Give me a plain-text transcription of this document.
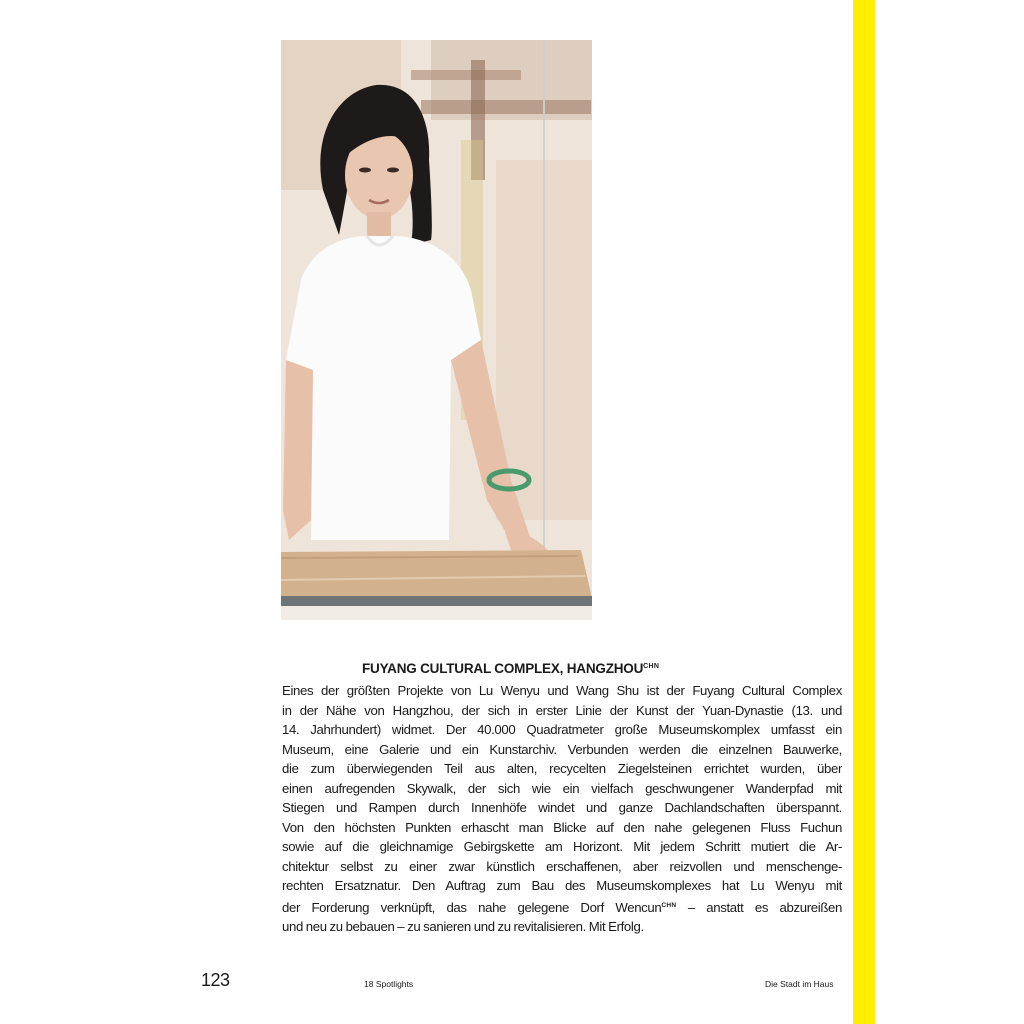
FUYANG CULTURAL COMPLEX, $HANGZHOU^{CHN}$
Eines der größten Projekte von Lu Wenyu und Wang Shu ist der Fuyang Cultural Complex
in der Nähe von Hangzhou, der sich in erster Linie der Kunst der Yuan-Dynastie (13. und
14. Jahrhundert) widmet. Der 40.000 Quadratmeter große Museumskomplex umfasst ein
Museum, eine Galerie und ein Kunstarchiv. Verbunden werden die einzelnen Bauwerke,
die zum überwiegenden Teil aus alten, recycelten Ziegelsteinen errichtet wurden, über
einen aufregenden Skywalk, der sich wie ein vielfach geschwungener Wanderpfad mit
Stiegen und Rampen durch Innenhöfe windet und ganze Dachlandschaften überspannt.
Von den höchsten Punkten erhascht man Blicke auf den nahe gelegenen Fluss Fuchun
sowie auf die gleichnamige Gebirgskette am Horizont. Mit jedem Schritt mutiert die Ar-
chitektur selbst zu einer zwar künstlich erschaffenen, aber reizvollen und menschenge-
rechten Ersatznatur. Den Auftrag zum Bau des Museumskomplexes hat Lu Wenyu mit
der Forderung verknüpft, das nahe gelegene Dorf Wencun$^{CHN}$ – anstatt es abzureißen
und neu zu bebauen – zu sanieren und zu revitalisieren. Mit Erfolg.
123	18 Spotlights	Die Stadt im Haus
